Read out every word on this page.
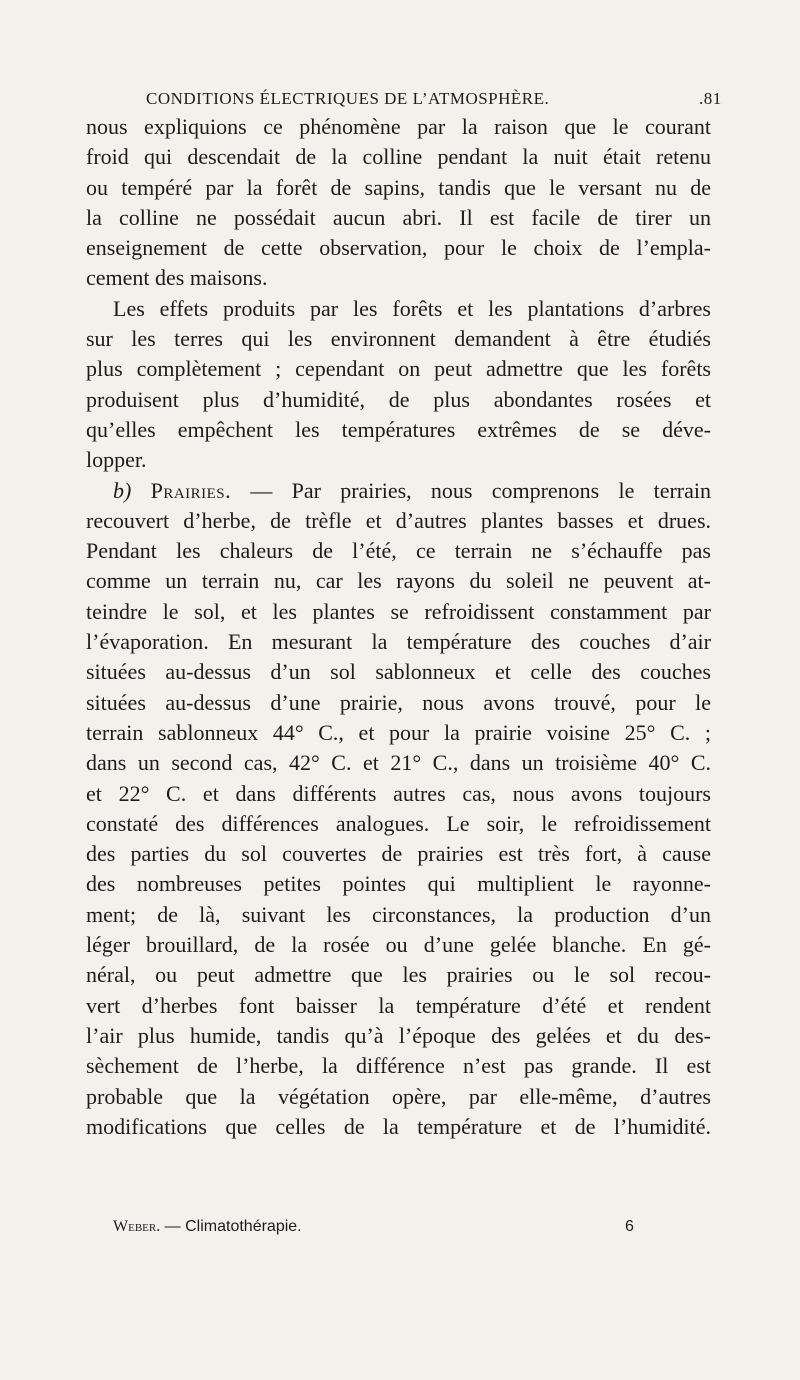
CONDITIONS ÉLECTRIQUES DE L’ATMOSPHÈRE.	.81
nous expliquions ce phénomène par la raison que le courant
froid qui descendait de la colline pendant la nuit était retenu
ou tempéré par la forêt de sapins, tandis que le versant nu de
la colline ne possédait aucun abri. Il est facile de tirer un
enseignement de cette observation, pour le choix de l’empla-
cement des maisons.
Les effets produits par les forêts et les plantations d’arbres
sur les terres qui les environnent demandent à être étudiés
plus complètement ; cependant on peut admettre que les forêts
produisent plus d’humidité, de plus abondantes rosées et
qu’elles empêchent les températures extrêmes de se déve-
lopper.
b) Prairies. — Par prairies, nous comprenons le terrain
recouvert d’herbe, de trèfle et d’autres plantes basses et drues.
Pendant les chaleurs de l’été, ce terrain ne s’échauffe pas
comme un terrain nu, car les rayons du soleil ne peuvent at-
teindre le sol, et les plantes se refroidissent constamment par
l’évaporation. En mesurant la température des couches d’air
situées au-dessus d’un sol sablonneux et celle des couches
situées au-dessus d’une prairie, nous avons trouvé, pour le
terrain sablonneux 44° C., et pour la prairie voisine 25° C. ;
dans un second cas, 42° C. et 21° C., dans un troisième 40° C.
et 22° C. et dans différents autres cas, nous avons toujours
constaté des différences analogues. Le soir, le refroidissement
des parties du sol couvertes de prairies est très fort, à cause
des nombreuses petites pointes qui multiplient le rayonne-
ment; de là, suivant les circonstances, la production d’un
léger brouillard, de la rosée ou d’une gelée blanche. En gé-
néral, ou peut admettre que les prairies ou le sol recou-
vert d’herbes font baisser la température d’été et rendent
l’air plus humide, tandis qu’à l’époque des gelées et du des-
sèchement de l’herbe, la différence n’est pas grande. Il est
probable que la végétation opère, par elle-même, d’autres
modifications que celles de la température et de l’humidité.
Weber. — Climatothérapie.	6
